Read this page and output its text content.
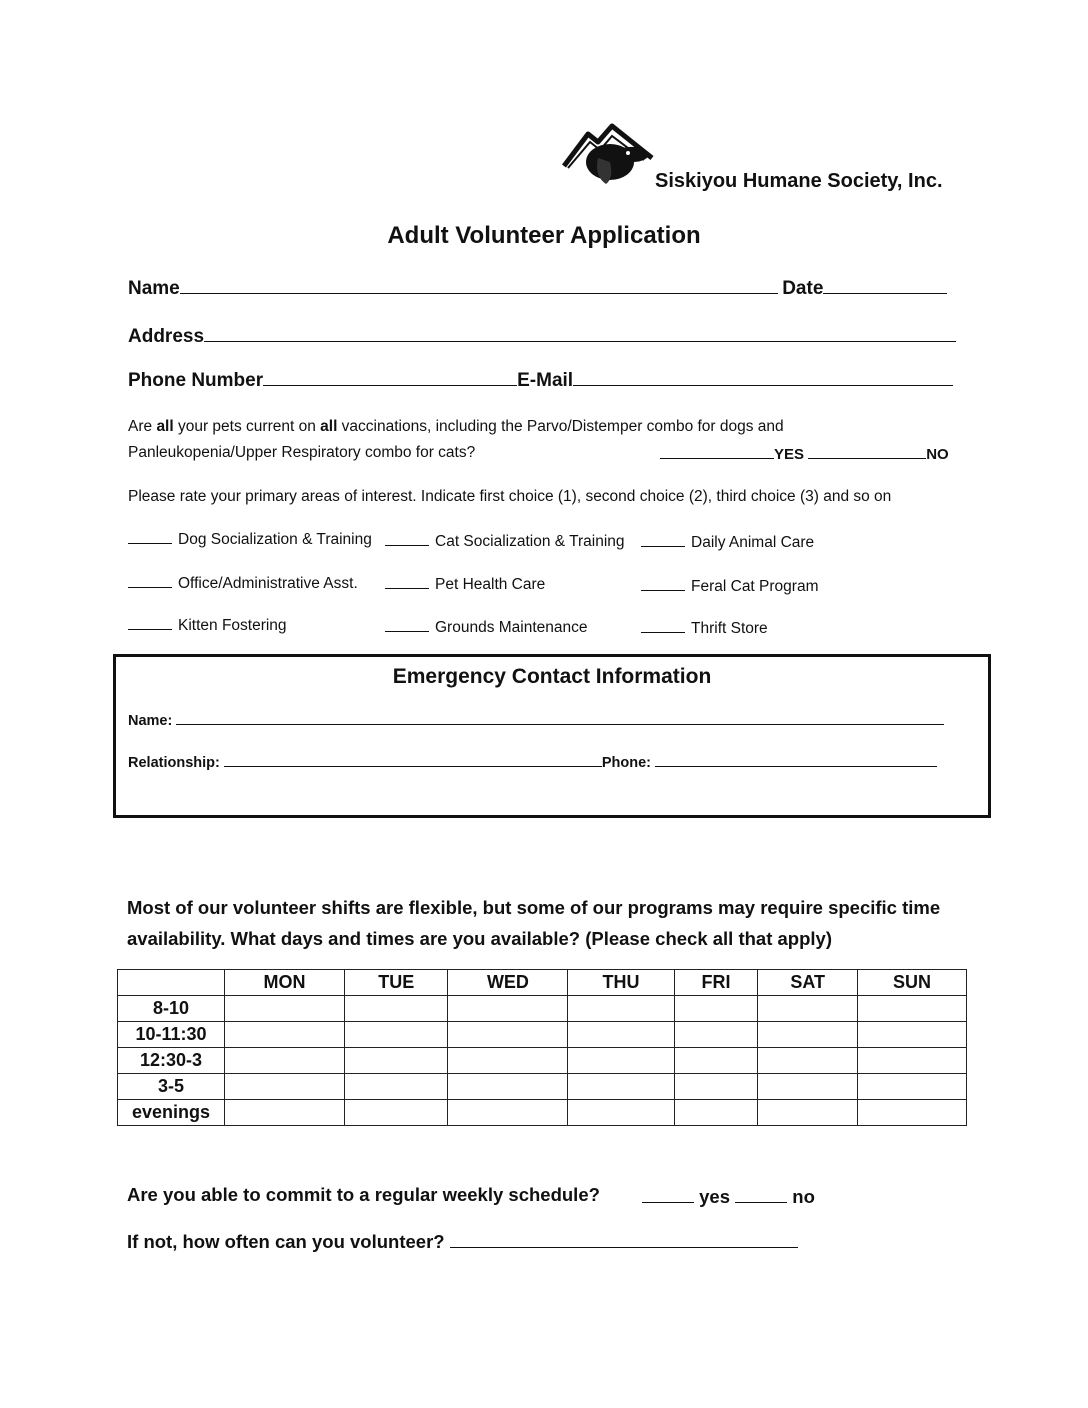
Siskiyou Humane Society, Inc.
Adult Volunteer Application
Name	Date
Address
Phone Number	E-Mail
Are all your pets current on all vaccinations, including the Parvo/Distemper combo for dogs and
Panleukopenia/Upper Respiratory combo for cats?	YES	NO
Please rate your primary areas of interest. Indicate first choice (1), second choice (2), third choice (3) and so on
Dog Socialization & Training	Cat Socialization & Training	Daily Animal Care
Office/Administrative Asst.	Pet Health Care	Feral Cat Program
Kitten Fostering	Grounds Maintenance	Thrift Store
Emergency Contact Information
Name:
Relationship:	Phone:
Most of our volunteer shifts are flexible, but some of our programs may require specific time availability. What days and times are you available? (Please check all that apply)
	MON	TUE	WED	THU	FRI	SAT	SUN
8-10							
10-11:30							
12:30-3							
3-5							
evenings							
Are you able to commit to a regular weekly schedule?	yes	no
If not, how often can you volunteer?
